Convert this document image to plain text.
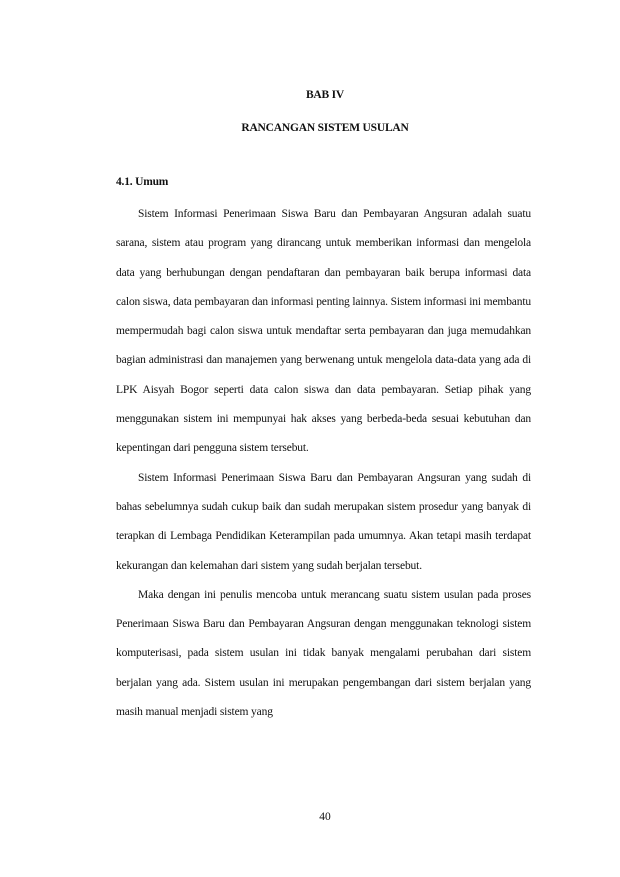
BAB IV
RANCANGAN SISTEM USULAN
4.1. Umum

Sistem Informasi Penerimaan Siswa Baru dan Pembayaran Angsuran adalah suatu sarana, sistem atau program yang dirancang untuk memberikan informasi dan mengelola data yang berhubungan dengan pendaftaran dan pembayaran baik berupa informasi data calon siswa, data pembayaran dan informasi penting lainnya. Sistem informasi ini membantu mempermudah bagi calon siswa untuk mendaftar serta pembayaran dan juga memudahkan bagian administrasi dan manajemen yang berwenang untuk mengelola data-data yang ada di LPK Aisyah Bogor seperti data calon siswa dan data pembayaran. Setiap pihak yang menggunakan sistem ini mempunyai hak akses yang berbeda-beda sesuai kebutuhan dan kepentingan dari pengguna sistem tersebut.

Sistem Informasi Penerimaan Siswa Baru dan Pembayaran Angsuran yang sudah di bahas sebelumnya sudah cukup baik dan sudah merupakan sistem prosedur yang banyak di terapkan di Lembaga Pendidikan Keterampilan pada umumnya. Akan tetapi masih terdapat kekurangan dan kelemahan dari sistem yang sudah berjalan tersebut.

Maka dengan ini penulis mencoba untuk merancang suatu sistem usulan pada proses Penerimaan Siswa Baru dan Pembayaran Angsuran dengan menggunakan teknologi sistem komputerisasi, pada sistem usulan ini tidak banyak mengalami perubahan dari sistem berjalan yang ada. Sistem usulan ini merupakan pengembangan dari sistem berjalan yang masih manual menjadi sistem yang

40
